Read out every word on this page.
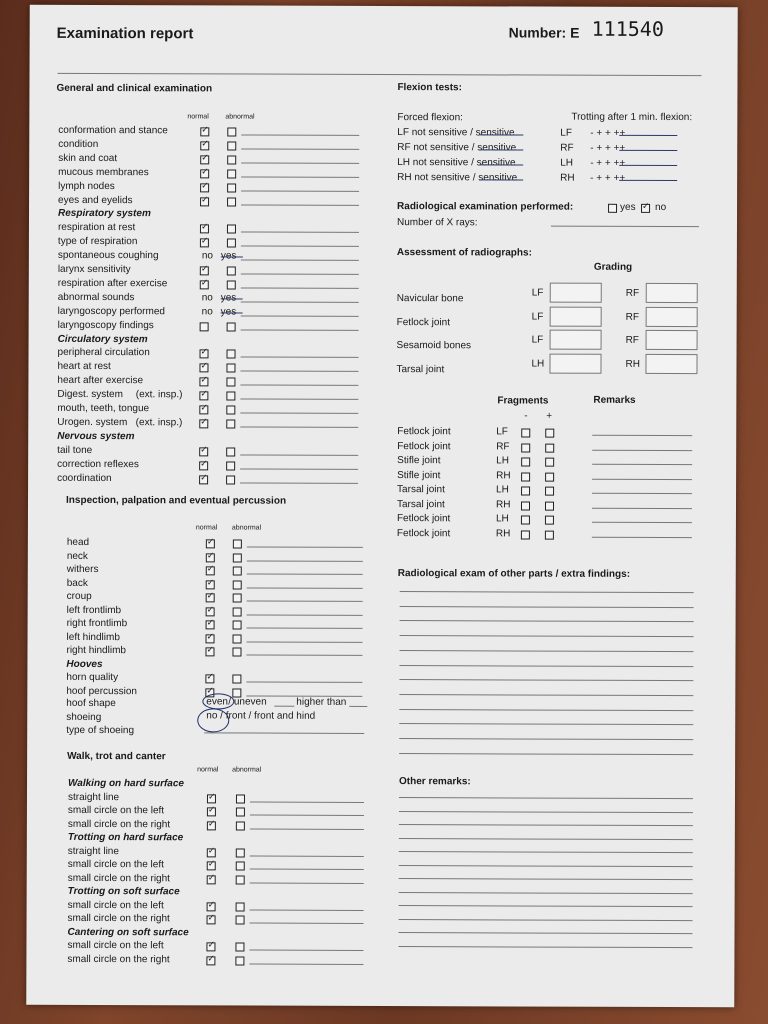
Examination report	Number: E 111540
General and clinical examination
normal abnormal
conformation and stance
✓
condition
✓
skin and coat
✓
mucous membranes
✓
lymph nodes
✓
eyes and eyelids
✓
Respiratory system
respiration at rest
✓
type of respiration
✓
spontaneous coughing	no yes
larynx sensitivity
✓
respiration after exercise
✓
abnormal sounds	no yes
laryngoscopy performed	no yes
laryngoscopy findings
Circulatory system
peripheral circulation
✓
heart at rest
✓
heart after exercise
✓
Digest. system (ext. insp.)
✓
mouth, teeth, tongue
✓
Urogen. system (ext. insp.)
✓
Nervous system
tail tone
✓
correction reflexes
✓
coordination
✓
Inspection, palpation and eventual percussion
normal abnormal
head
✓
neck
✓
withers
✓
back
✓
croup
✓
left frontlimb
✓
right frontlimb
✓
left hindlimb
✓
right hindlimb
✓
Hooves
horn quality
✓
hoof percussion
✓
hoof shape	even / uneven	higher than
shoeing	no / front / front and hind
type of shoeing
Walk, trot and canter
normal abnormal
Walking on hard surface
straight line
✓
small circle on the left
✓
small circle on the right
✓
Trotting on hard surface
straight line
✓
small circle on the left
✓
small circle on the right
✓
Trotting on soft surface
small circle on the left
✓
small circle on the right
✓
Cantering on soft surface
small circle on the left
✓
small circle on the right
✓
Flexion tests:
Forced flexion:	Trotting after 1 min. flexion:
LF not sensitive / sensitive	LF - + + ++
RF not sensitive / sensitive	RF - + + ++
LH not sensitive / sensitive	LH - + + ++
RH not sensitive / sensitive	RH - + + ++
Radiological examination performed:	yes
✓ no
Number of X rays:
Assessment of radiographs:
Grading
Navicular bone
LF	RF
Fetlock joint
LF	RF
Sesamoid bones
LF	RF
Tarsal joint
LH	RH
Fragments	Remarks
- +
Fetlock joint	LF
Fetlock joint	RF
Stifle joint	LH
Stifle joint	RH
Tarsal joint	LH
Tarsal joint	RH
Fetlock joint	LH
Fetlock joint	RH
Radiological exam of other parts / extra findings:
Other remarks:
